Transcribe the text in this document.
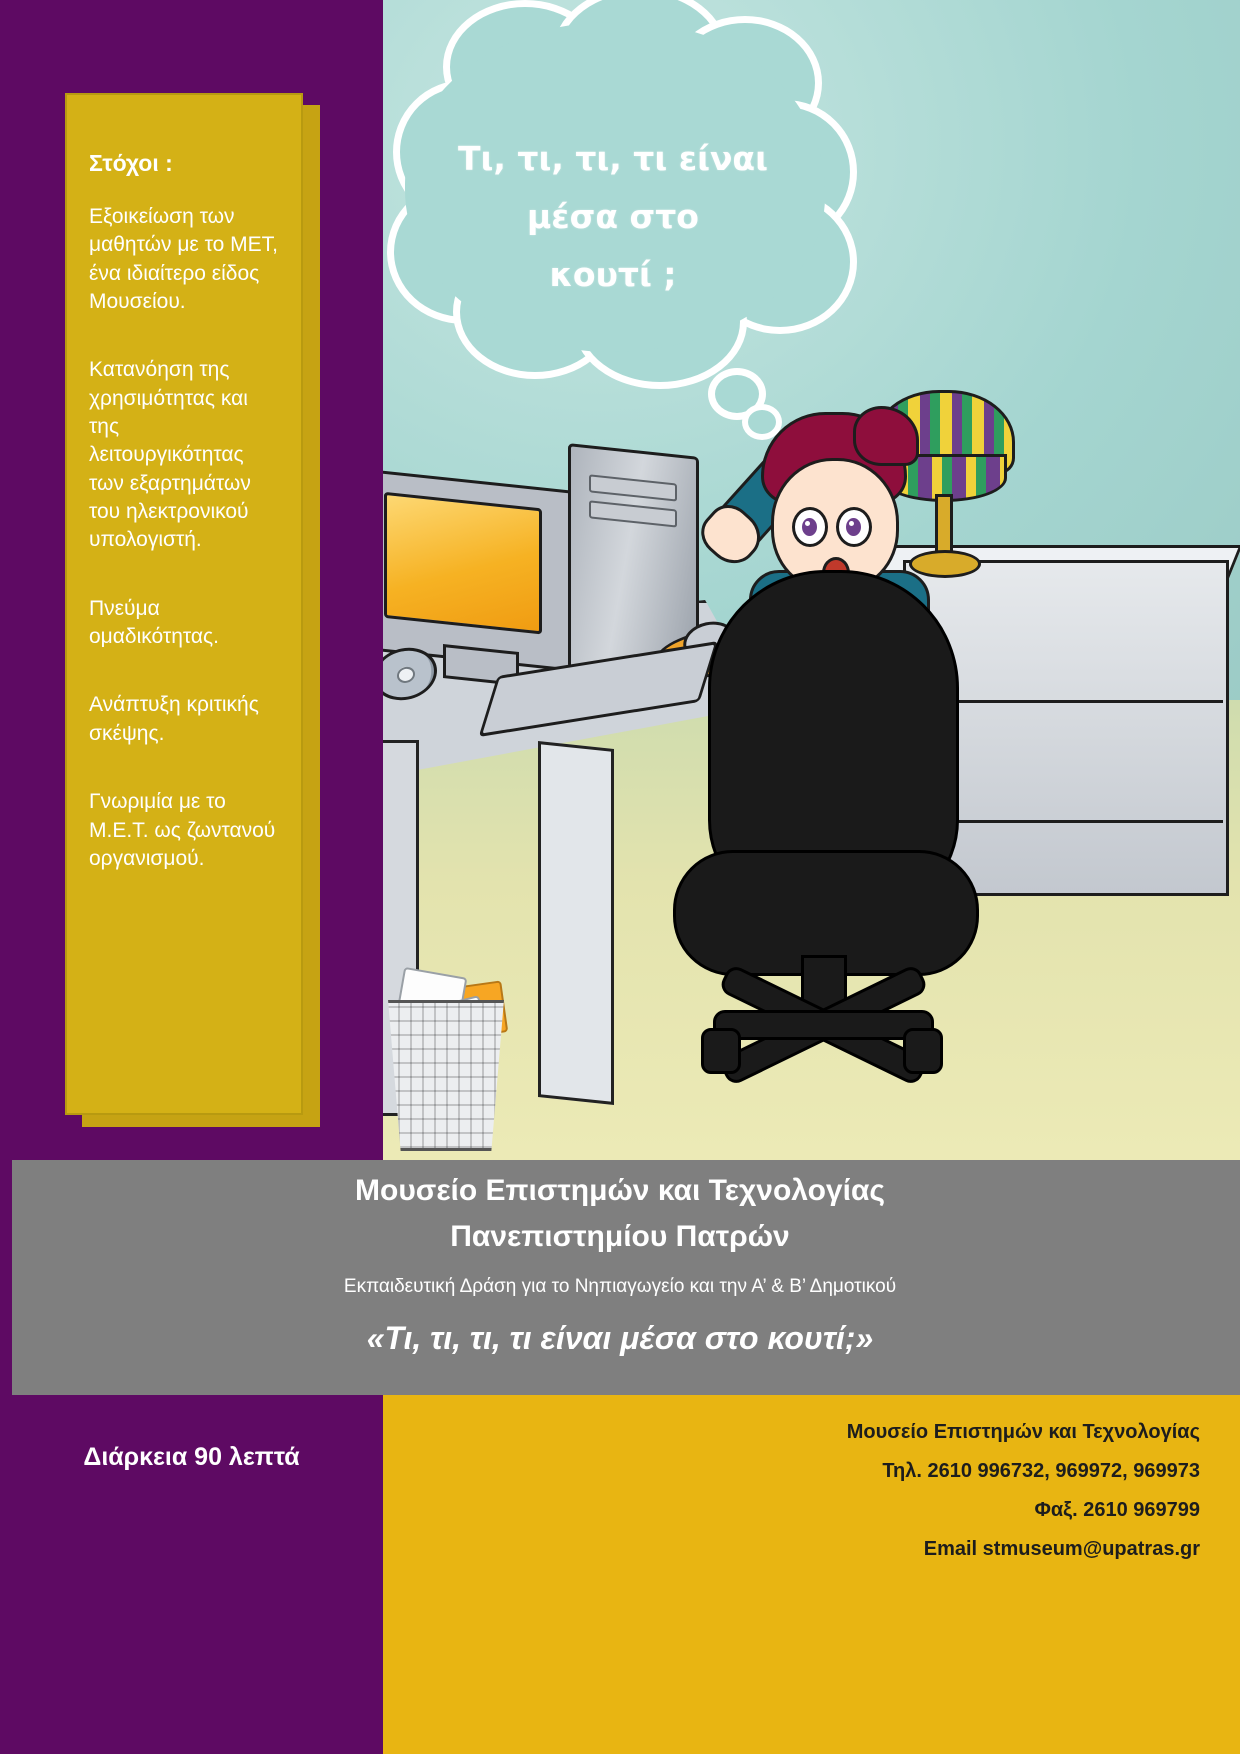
Τι, τι, τι, τι είναι
μέσα στο
κουτί ;
Στόχοι :
Εξοικείωση των μαθητών με το ΜΕΤ, ένα ιδιαίτερο είδος Μουσείου.
Κατανόηση της χρησιμότητας και της λειτουργικότητας των εξαρτημάτων του ηλεκτρονικού υπολογιστή.
Πνεύμα ομαδικότητας.
Ανάπτυξη κριτικής σκέψης.
Γνωριμία με το Μ.Ε.Τ. ως ζωντανού οργανισμού.
Μουσείο Επιστημών και Τεχνολογίας
Πανεπιστημίου Πατρών
Εκπαιδευτική Δράση για το Νηπιαγωγείο και την Α’ & Β’ Δημοτικού
«Τι, τι, τι, τι είναι μέσα στο κουτί;»
Διάρκεια 90 λεπτά
Μουσείο Επιστημών και Τεχνολογίας
Τηλ. 2610 996732, 969972, 969973
Φαξ. 2610 969799
Email stmuseum@upatras.gr
